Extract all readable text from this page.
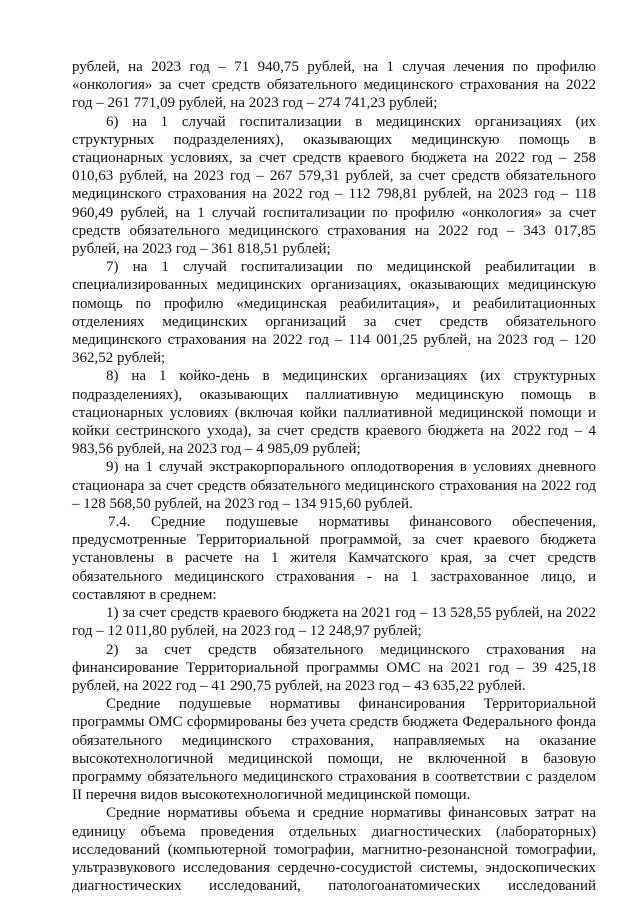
рублей, на 2023 год – 71 940,75 рублей, на 1 случая лечения по профилю «онкология» за счет средств обязательного медицинского страхования на 2022 год – 261 771,09 рублей, на 2023 год – 274 741,23 рублей;

6) на 1 случай госпитализации в медицинских организациях (их структурных подразделениях), оказывающих медицинскую помощь в стационарных условиях, за счет средств краевого бюджета на 2022 год – 258 010,63 рублей, на 2023 год – 267 579,31 рублей, за счет средств обязательного медицинского страхования на 2022 год – 112 798,81 рублей, на 2023 год – 118 960,49 рублей, на 1 случай госпитализации по профилю «онкология» за счет средств обязательного медицинского страхования на 2022 год – 343 017,85 рублей, на 2023 год – 361 818,51 рублей;

7) на 1 случай госпитализации по медицинской реабилитации в специализированных медицинских организациях, оказывающих медицинскую помощь по профилю «медицинская реабилитация», и реабилитационных отделениях медицинских организаций за счет средств обязательного медицинского страхования на 2022 год – 114 001,25 рублей, на 2023 год – 120 362,52 рублей;

8) на 1 койко-день в медицинских организациях (их структурных подразделениях), оказывающих паллиативную медицинскую помощь в стационарных условиях (включая койки паллиативной медицинской помощи и койки сестринского ухода), за счет средств краевого бюджета на 2022 год – 4 983,56 рублей, на 2023 год – 4 985,09 рублей;

9) на 1 случай экстракорпорального оплодотворения в условиях дневного стационара за счет средств обязательного медицинского страхования на 2022 год – 128 568,50 рублей, на 2023 год – 134 915,60 рублей.

7.4. Средние подушевые нормативы финансового обеспечения, предусмотренные Территориальной программой, за счет краевого бюджета установлены в расчете на 1 жителя Камчатского края, за счет средств обязательного медицинского страхования - на 1 застрахованное лицо, и составляют в среднем:

1) за счет средств краевого бюджета на 2021 год – 13 528,55 рублей, на 2022 год – 12 011,80 рублей, на 2023 год – 12 248,97 рублей;

2) за счет средств обязательного медицинского страхования на финансирование Территориальной программы ОМС на 2021 год – 39 425,18 рублей, на 2022 год – 41 290,75 рублей, на 2023 год – 43 635,22 рублей.

Средние подушевые нормативы финансирования Территориальной программы ОМС сформированы без учета средств бюджета Федерального фонда обязательного медицинского страхования, направляемых на оказание высокотехнологичной медицинской помощи, не включенной в базовую программу обязательного медицинского страхования в соответствии с разделом II перечня видов высокотехнологичной медицинской помощи.

Средние нормативы объема и средние нормативы финансовых затрат на единицу объема проведения отдельных диагностических (лабораторных) исследований (компьютерной томографии, магнитно-резонансной томографии, ультразвукового исследования сердечно-сосудистой системы, эндоскопических диагностических исследований, патологоанатомических исследований
